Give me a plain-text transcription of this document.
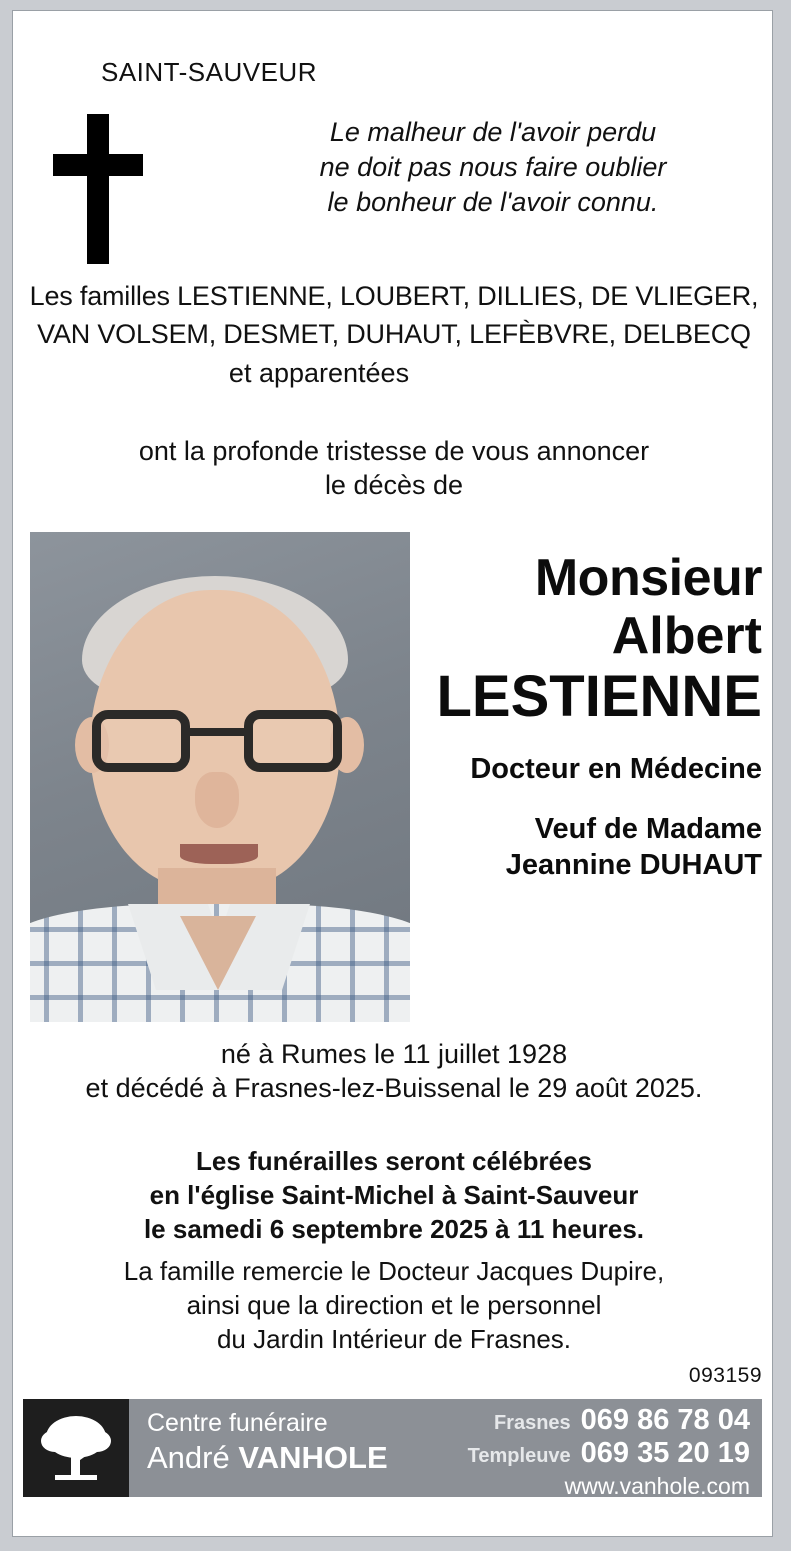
SAINT-SAUVEUR
Le malheur de l'avoir perdu
ne doit pas nous faire oublier
le bonheur de l'avoir connu.
Les familles LESTIENNE, LOUBERT, DILLIES, DE VLIEGER,
VAN VOLSEM, DESMET, DUHAUT, LEFÈBVRE, DELBECQ
et apparentées
ont la profonde tristesse de vous annoncer
le décès de
Monsieur
Albert
LESTIENNE
Docteur en Médecine
Veuf de Madame
Jeannine DUHAUT
né à Rumes le 11 juillet 1928
et décédé à Frasnes-lez-Buissenal le 29 août 2025.
Les funérailles seront célébrées
en l'église Saint-Michel à Saint-Sauveur
le samedi 6 septembre 2025 à 11 heures.
La famille remercie le Docteur Jacques Dupire,
ainsi que la direction et le personnel
du Jardin Intérieur de Frasnes.
093159
Centre funéraire
André VANHOLE
Frasnes 069 86 78 04
Templeuve 069 35 20 19
www.vanhole.com
